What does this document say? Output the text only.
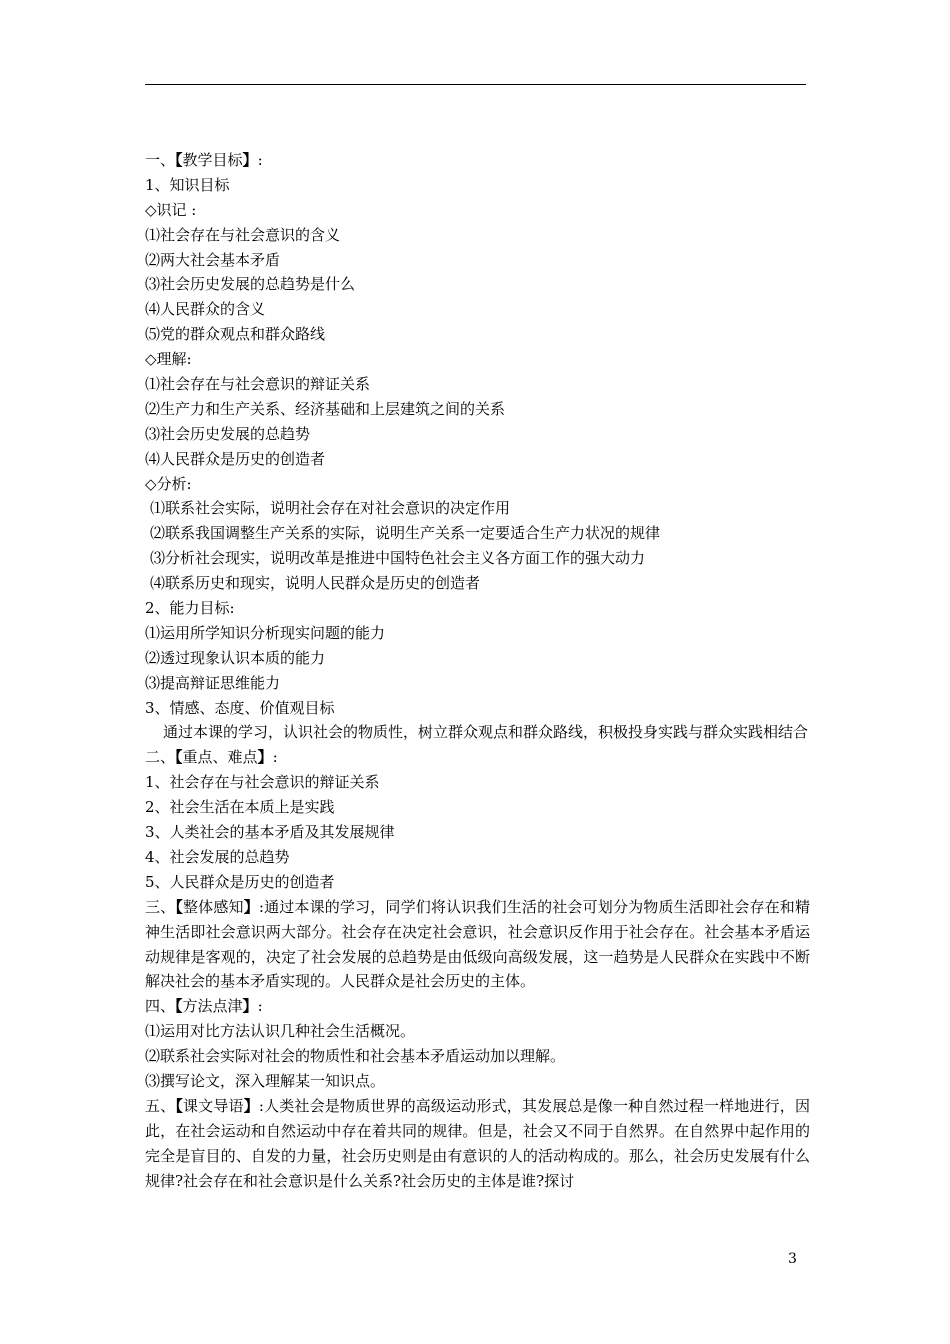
一、【教学目标】:
1、知识目标
◇识记 :
⑴社会存在与社会意识的含义
⑵两大社会基本矛盾
⑶社会历史发展的总趋势是什么
⑷人民群众的含义
⑸党的群众观点和群众路线
◇理解:
⑴社会存在与社会意识的辩证关系
⑵生产力和生产关系、经济基础和上层建筑之间的关系
⑶社会历史发展的总趋势
⑷人民群众是历史的创造者
◇分析:
⑴联系社会实际，说明社会存在对社会意识的决定作用
⑵联系我国调整生产关系的实际，说明生产关系一定要适合生产力状况的规律
⑶分析社会现实，说明改革是推进中国特色社会主义各方面工作的强大动力
⑷联系历史和现实，说明人民群众是历史的创造者
2、能力目标:
⑴运用所学知识分析现实问题的能力
⑵透过现象认识本质的能力
⑶提高辩证思维能力
3、情感、态度、价值观目标
通过本课的学习，认识社会的物质性，树立群众观点和群众路线，积极投身实践与群众实践相结合
二、【重点、难点】:
1、社会存在与社会意识的辩证关系
2、社会生活在本质上是实践
3、人类社会的基本矛盾及其发展规律
4、社会发展的总趋势
5、人民群众是历史的创造者
三、【整体感知】:通过本课的学习，同学们将认识我们生活的社会可划分为物质生活即社会存在和精神生活即社会意识两大部分。社会存在决定社会意识，社会意识反作用于社会存在。社会基本矛盾运动规律是客观的，决定了社会发展的总趋势是由低级向高级发展，这一趋势是人民群众在实践中不断解决社会的基本矛盾实现的。人民群众是社会历史的主体。
四、【方法点津】:
⑴运用对比方法认识几种社会生活概况。
⑵联系社会实际对社会的物质性和社会基本矛盾运动加以理解。
⑶撰写论文，深入理解某一知识点。
五、【课文导语】:人类社会是物质世界的高级运动形式，其发展总是像一种自然过程一样地进行，因此，在社会运动和自然运动中存在着共同的规律。但是，社会又不同于自然界。在自然界中起作用的完全是盲目的、自发的力量，社会历史则是由有意识的人的活动构成的。那么，社会历史发展有什么规律?社会存在和社会意识是什么关系?社会历史的主体是谁?探讨
3
